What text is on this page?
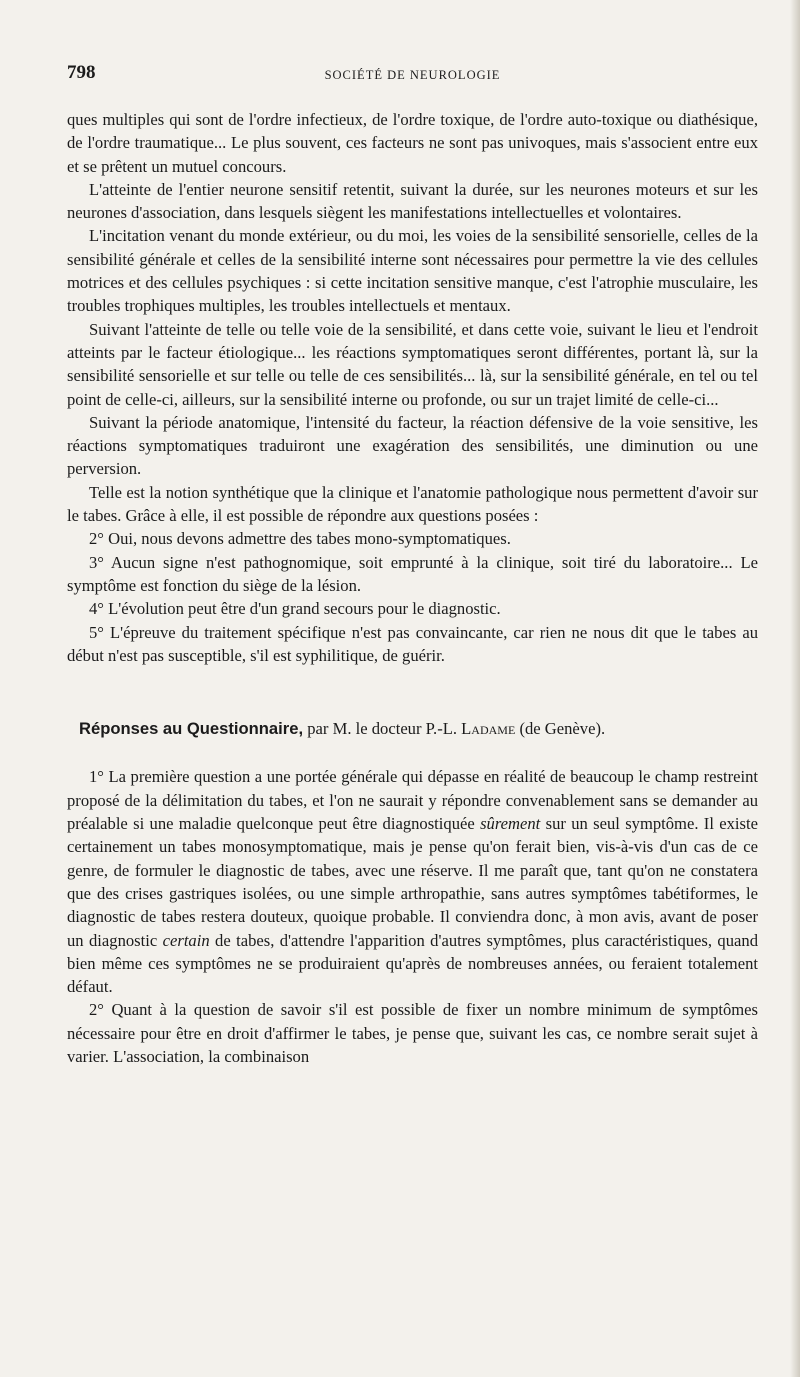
798	SOCIÉTÉ DE NEUROLOGIE

ques multiples qui sont de l'ordre infectieux, de l'ordre toxique, de l'ordre auto-toxique ou diathésique, de l'ordre traumatique... Le plus souvent, ces facteurs ne sont pas univoques, mais s'associent entre eux et se prêtent un mutuel concours.

L'atteinte de l'entier neurone sensitif retentit, suivant la durée, sur les neurones moteurs et sur les neurones d'association, dans lesquels siègent les manifestations intellectuelles et volontaires.

L'incitation venant du monde extérieur, ou du moi, les voies de la sensibilité sensorielle, celles de la sensibilité générale et celles de la sensibilité interne sont nécessaires pour permettre la vie des cellules motrices et des cellules psychiques : si cette incitation sensitive manque, c'est l'atrophie musculaire, les troubles trophiques multiples, les troubles intellectuels et mentaux.

Suivant l'atteinte de telle ou telle voie de la sensibilité, et dans cette voie, suivant le lieu et l'endroit atteints par le facteur étiologique... les réactions symptomatiques seront différentes, portant là, sur la sensibilité sensorielle et sur telle ou telle de ces sensibilités... là, sur la sensibilité générale, en tel ou tel point de celle-ci, ailleurs, sur la sensibilité interne ou profonde, ou sur un trajet limité de celle-ci...

Suivant la période anatomique, l'intensité du facteur, la réaction défensive de la voie sensitive, les réactions symptomatiques traduiront une exagération des sensibilités, une diminution ou une perversion.

Telle est la notion synthétique que la clinique et l'anatomie pathologique nous permettent d'avoir sur le tabes. Grâce à elle, il est possible de répondre aux questions posées :

2° Oui, nous devons admettre des tabes mono-symptomatiques.

3° Aucun signe n'est pathognomique, soit emprunté à la clinique, soit tiré du laboratoire... Le symptôme est fonction du siège de la lésion.

4° L'évolution peut être d'un grand secours pour le diagnostic.

5° L'épreuve du traitement spécifique n'est pas convaincante, car rien ne nous dit que le tabes au début n'est pas susceptible, s'il est syphilitique, de guérir.

Réponses au Questionnaire, par M. le docteur P.-L. Ladame (de Genève).

1° La première question a une portée générale qui dépasse en réalité de beaucoup le champ restreint proposé de la délimitation du tabes, et l'on ne saurait y répondre convenablement sans se demander au préalable si une maladie quelconque peut être diagnostiquée sûrement sur un seul symptôme. Il existe certainement un tabes monosymptomatique, mais je pense qu'on ferait bien, vis-à-vis d'un cas de ce genre, de formuler le diagnostic de tabes, avec une réserve. Il me paraît que, tant qu'on ne constatera que des crises gastriques isolées, ou une simple arthropathie, sans autres symptômes tabétiformes, le diagnostic de tabes restera douteux, quoique probable. Il conviendra donc, à mon avis, avant de poser un diagnostic certain de tabes, d'attendre l'apparition d'autres symptômes, plus caractéristiques, quand bien même ces symptômes ne se produiraient qu'après de nombreuses années, ou feraient totalement défaut.

2° Quant à la question de savoir s'il est possible de fixer un nombre minimum de symptômes nécessaire pour être en droit d'affirmer le tabes, je pense que, suivant les cas, ce nombre serait sujet à varier. L'association, la combinaison
